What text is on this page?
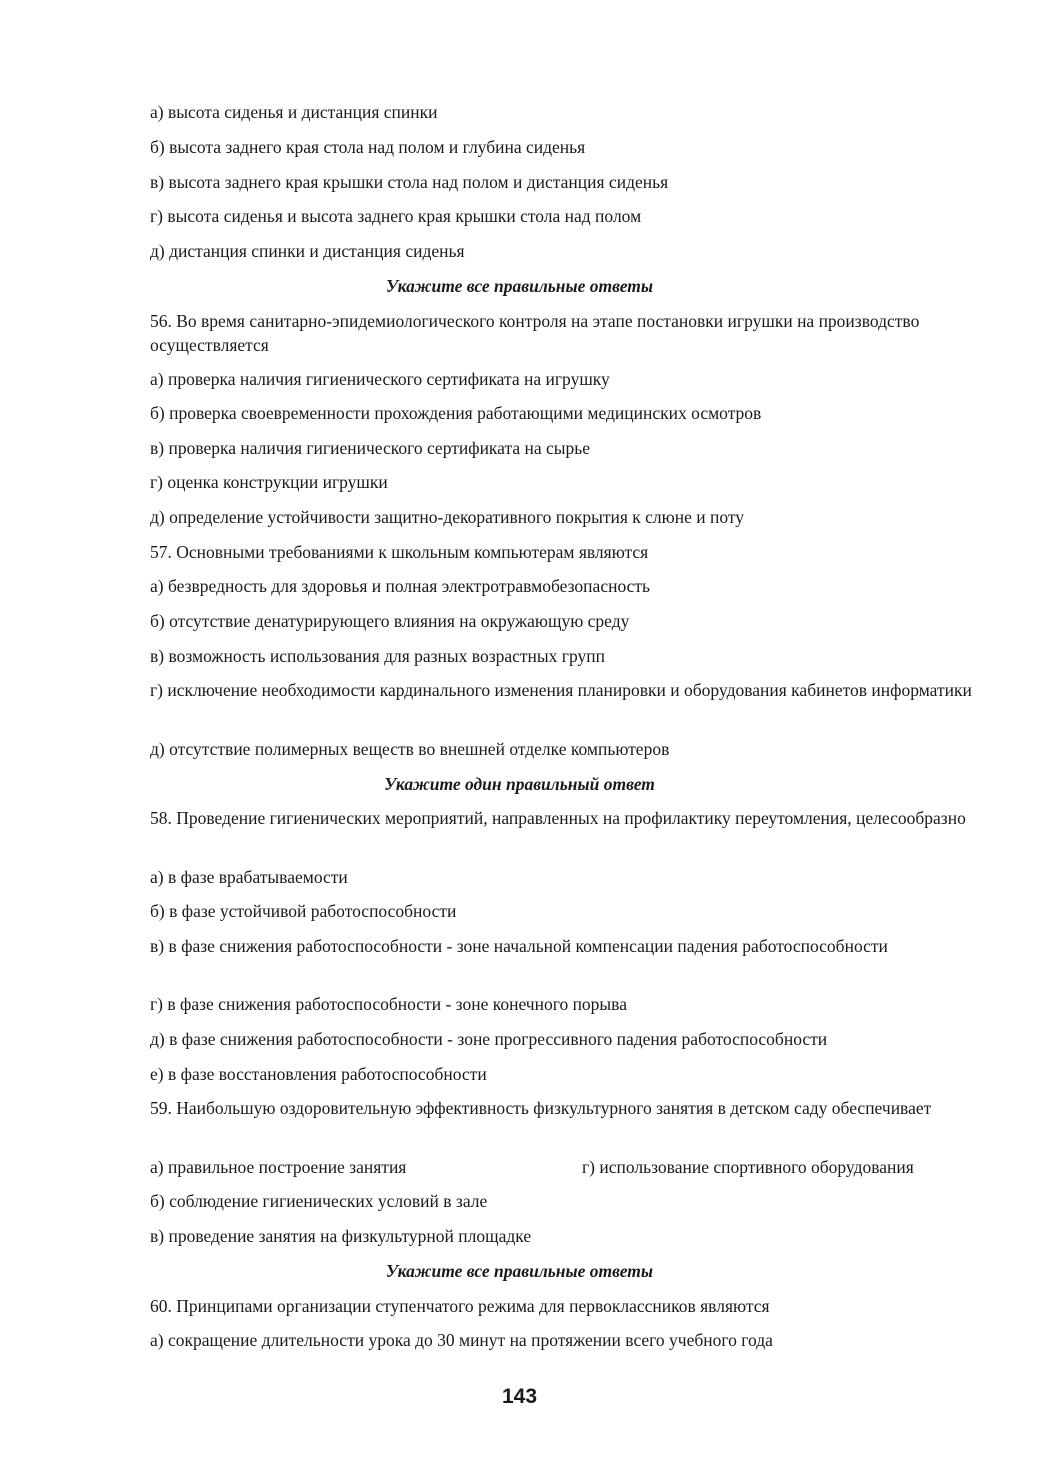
а) высота сиденья и дистанция спинки
б) высота заднего края стола над полом и глубина сиденья
в) высота заднего края крышки стола над полом и дистанция сиденья
г) высота сиденья и высота заднего края крышки стола над полом
д) дистанция спинки и дистанция сиденья
Укажите все правильные ответы
56. Во время санитарно-эпидемиологического контроля на этапе постановки игрушки на производство осуществляется
а) проверка наличия гигиенического сертификата на игрушку
б) проверка своевременности прохождения работающими медицинских осмотров
в) проверка наличия гигиенического сертификата на сырье
г) оценка конструкции игрушки
д) определение устойчивости защитно-декоративного покрытия к слюне и поту
57. Основными требованиями к школьным компьютерам являются
а) безвредность для здоровья и полная электротравмобезопасность
б) отсутствие денатурирующего влияния на окружающую среду
в) возможность использования для разных возрастных групп
г) исключение необходимости кардинального изменения планировки и оборудования кабинетов информатики
д) отсутствие полимерных веществ во внешней отделке компьютеров
Укажите один правильный ответ
58. Проведение гигиенических мероприятий, направленных на профилактику переутомления, целесообразно
а) в фазе врабатываемости
б) в фазе устойчивой работоспособности
в) в фазе снижения работоспособности - зоне начальной компенсации падения работоспособности
г) в фазе снижения работоспособности - зоне конечного порыва
д) в фазе снижения работоспособности - зоне прогрессивного падения работоспособности
е) в фазе восстановления работоспособности
59. Наибольшую оздоровительную эффективность физкультурного занятия в детском саду обеспечивает
а) правильное построение занятия	г) использование спортивного оборудования
б) соблюдение гигиенических условий в зале
в) проведение занятия на физкультурной площадке
Укажите все правильные ответы
60. Принципами организации ступенчатого режима для первоклассников являются
а) сокращение длительности урока до 30 минут на протяжении всего учебного года
143
